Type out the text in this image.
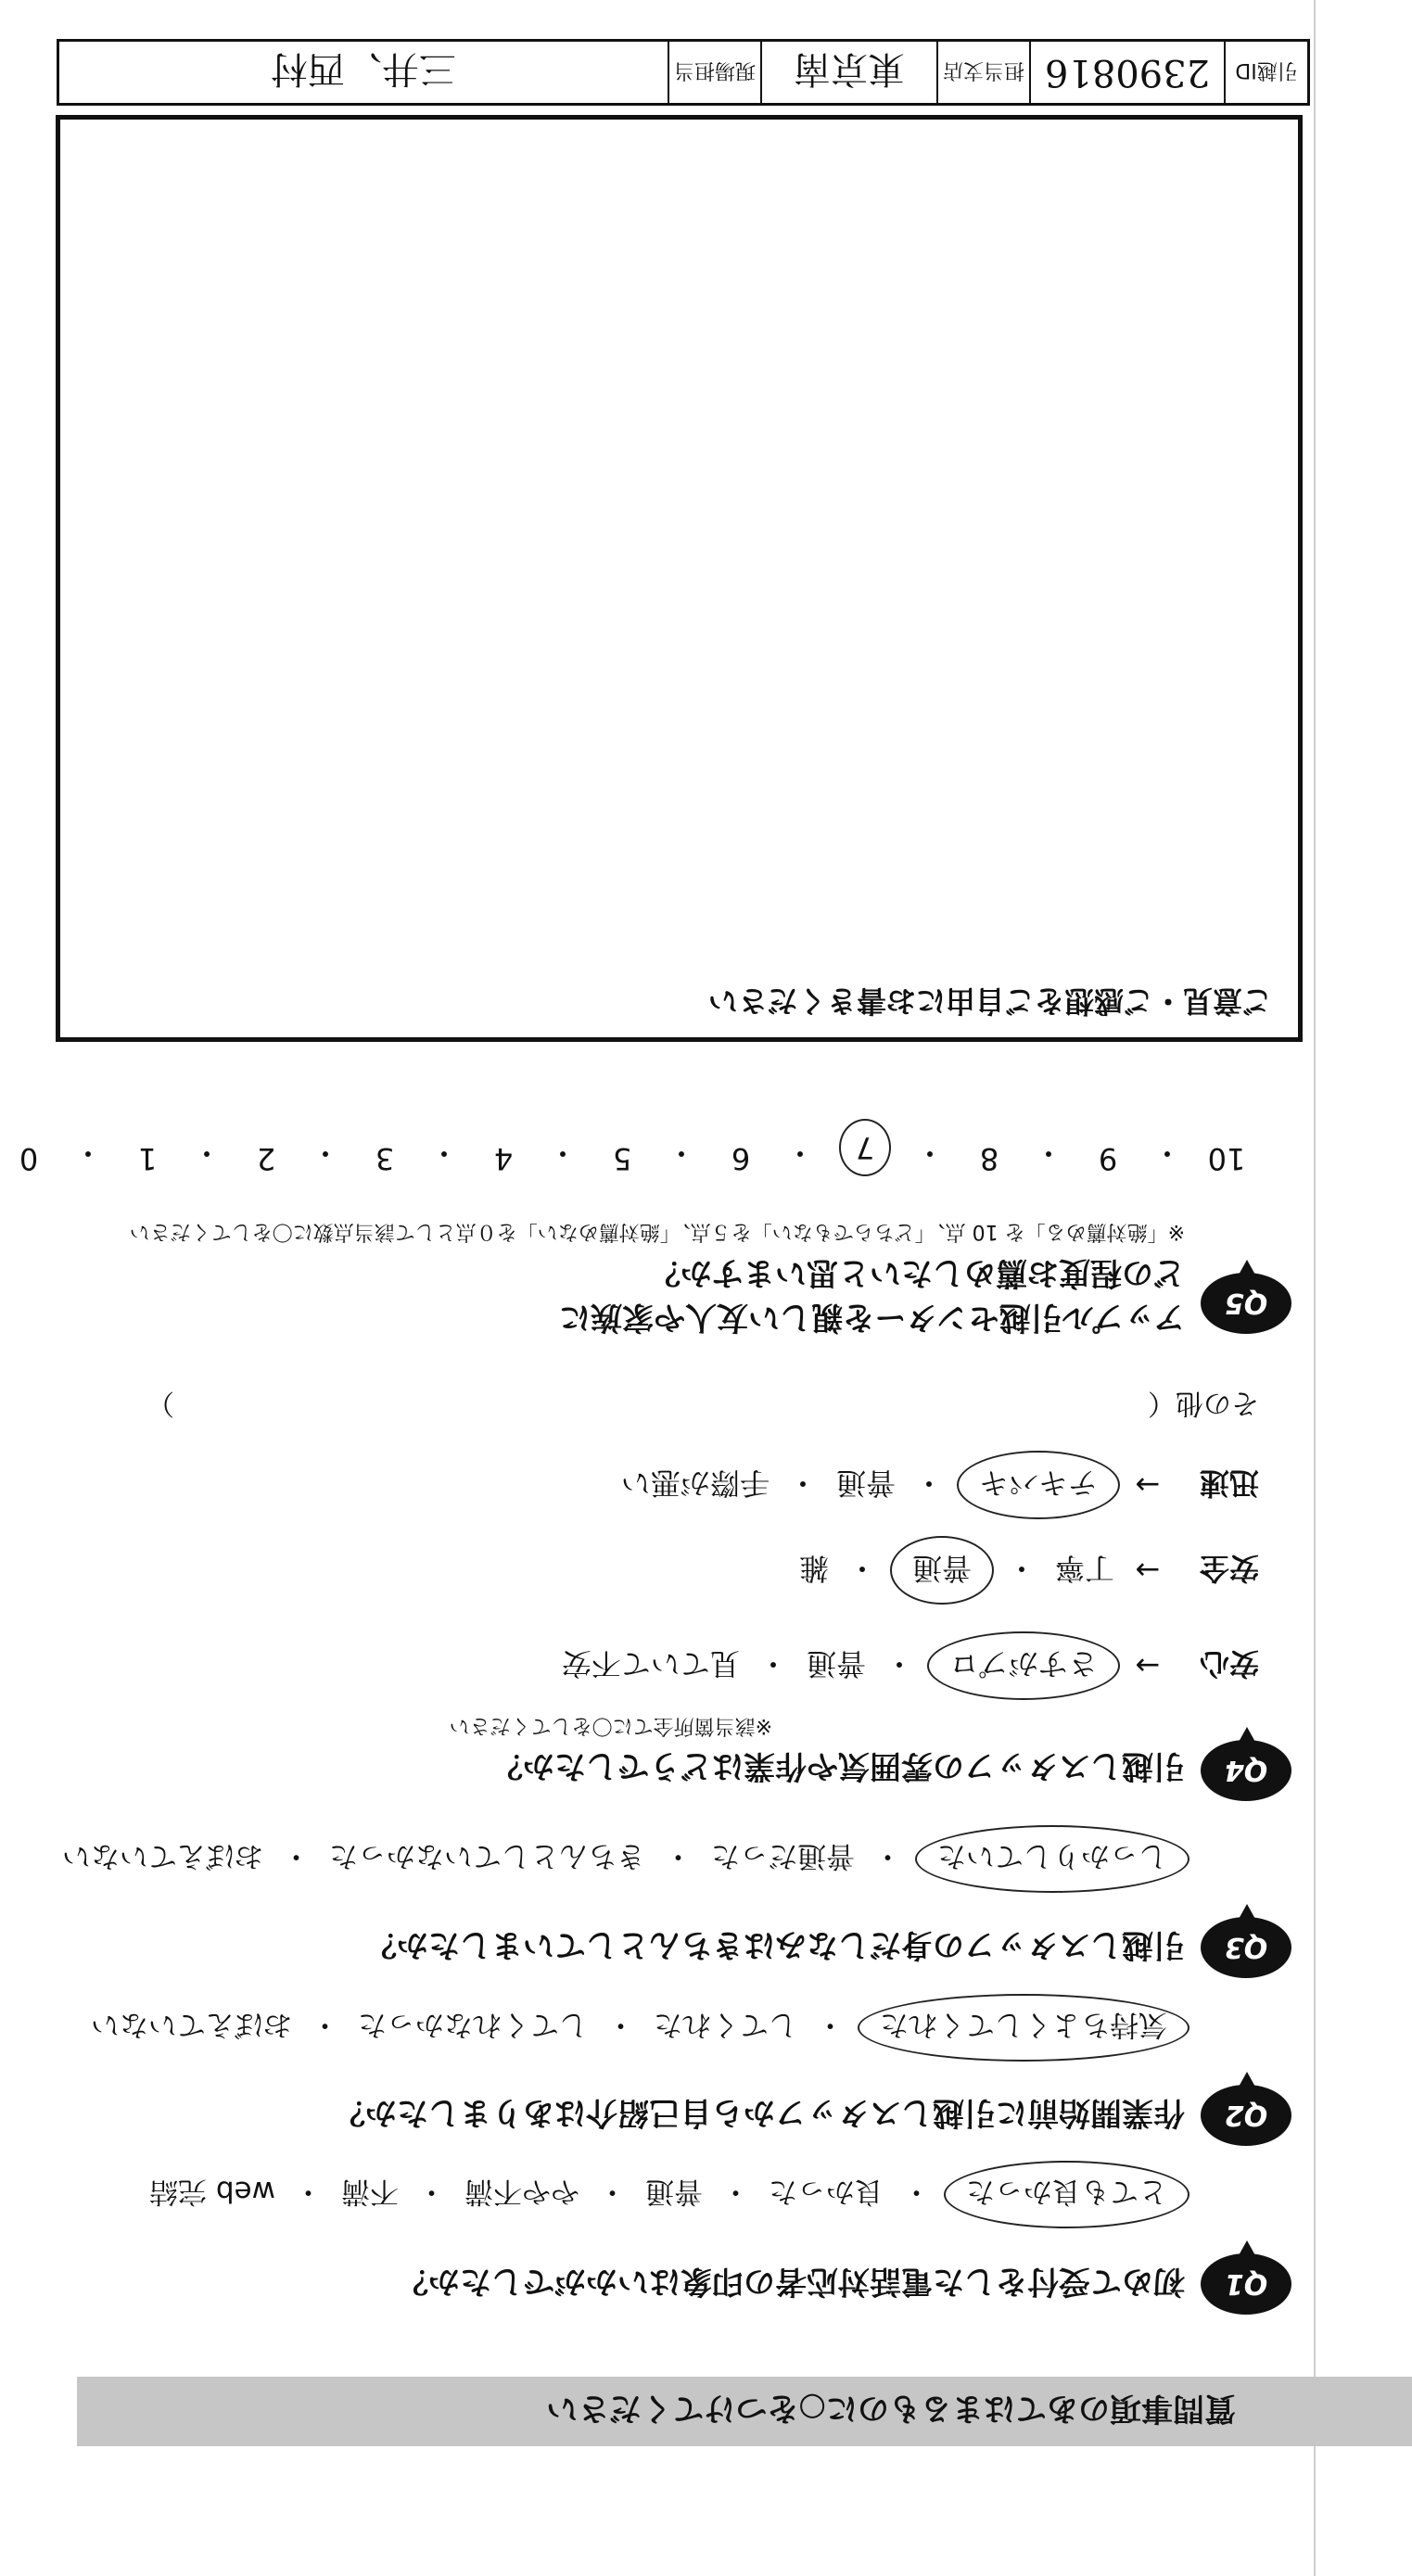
質問事項のあてはまるものに○をつけてください
Q1
初めて受付をした電話対応者の印象はいかがでしたか？
とても良かった
・
良かった
・
普通
・
やや不満
・
不満
・
web 完結
Q2
作業開始前に引越しスタッフから自己紹介はありましたか？
気持ちよくしてくれた
・
してくれた
・
してくれなかった
・
おぼえていない
Q3
引越しスタッフの身だしなみはきちんとしていましたか？
しっかりしていた
・
普通だった
・
きちんとしていなかった
・
おぼえていない
Q4
引越しスタッフの雰囲気や作業はどうでしたか？
※該当箇所全てに〇をしてください
安心
→
さすがプロ
・
普通
・
見ていて不安
安全
→
丁寧
・
普通
・
雑
迅速
→
テキパキ
・
普通
・
手際が悪い
その他（
）
Q5
アップル引越センターを親しい友人や家族に
どの程度お薦めしたいと思いますか？
※「絶対薦める」を 10 点、「どちらでもない」を５点、「絶対薦めない」を０点として該当点数に〇をしてください
10
・
9
・
8
・
7
・
6
・
5
・
4
・
3
・
2
・
1
・
0
ご意見・ご感想をご自由にお書きください
引越ID
2390816
担当支店
東京南
現場担当
三井、西村
